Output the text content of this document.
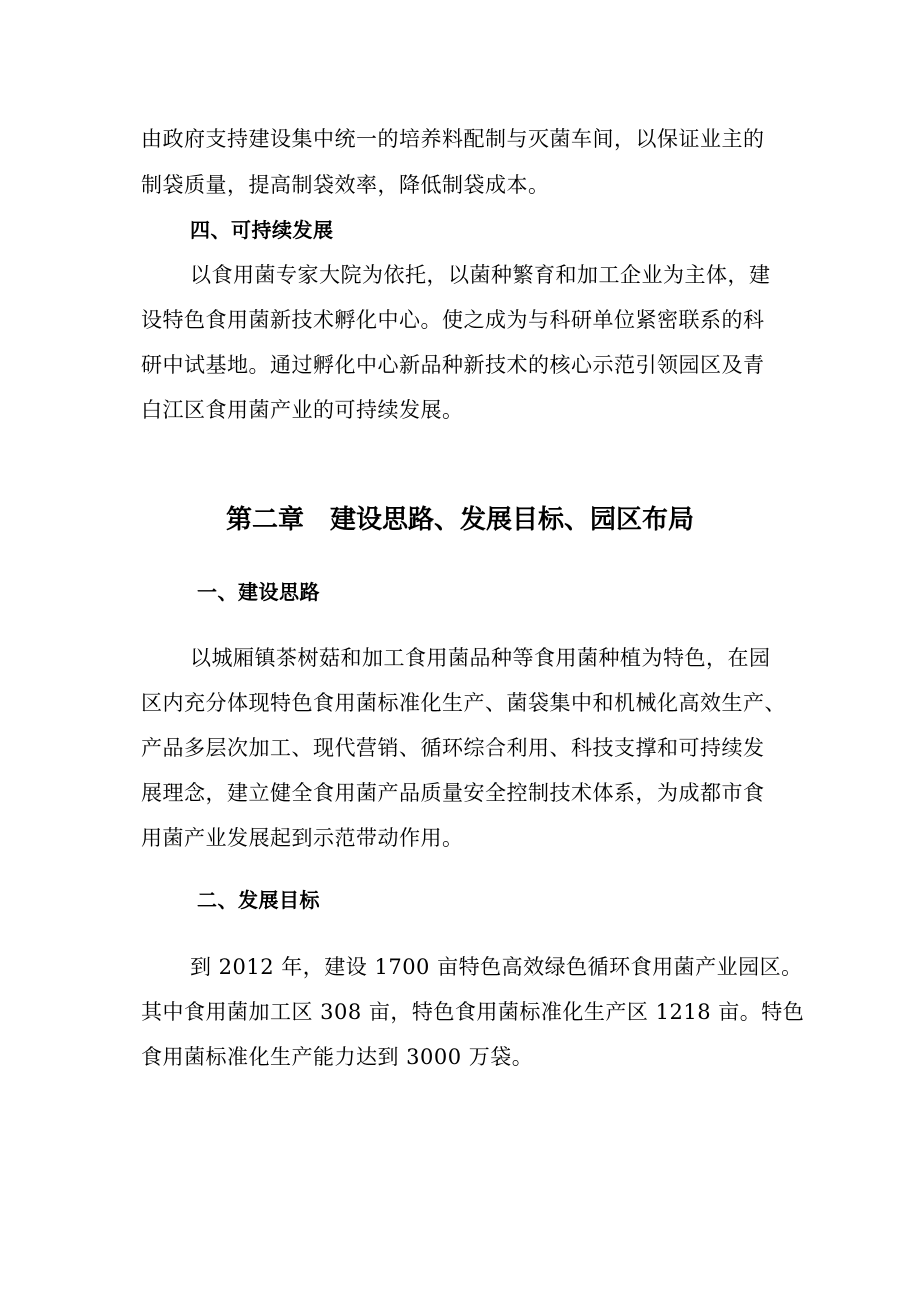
由政府支持建设集中统一的培养料配制与灭菌车间，以保证业主的
制袋质量，提高制袋效率，降低制袋成本。
四、可持续发展
以食用菌专家大院为依托，以菌种繁育和加工企业为主体，建
设特色食用菌新技术孵化中心。使之成为与科研单位紧密联系的科
研中试基地。通过孵化中心新品种新技术的核心示范引领园区及青
白江区食用菌产业的可持续发展。
第二章　建设思路、发展目标、园区布局
一、建设思路
以城厢镇茶树菇和加工食用菌品种等食用菌种植为特色，在园
区内充分体现特色食用菌标准化生产、菌袋集中和机械化高效生产、
产品多层次加工、现代营销、循环综合利用、科技支撑和可持续发
展理念，建立健全食用菌产品质量安全控制技术体系，为成都市食
用菌产业发展起到示范带动作用。
二、发展目标
到 2012 年，建设 1700 亩特色高效绿色循环食用菌产业园区。
其中食用菌加工区 308 亩，特色食用菌标准化生产区 1218 亩。特色
食用菌标准化生产能力达到 3000 万袋。
